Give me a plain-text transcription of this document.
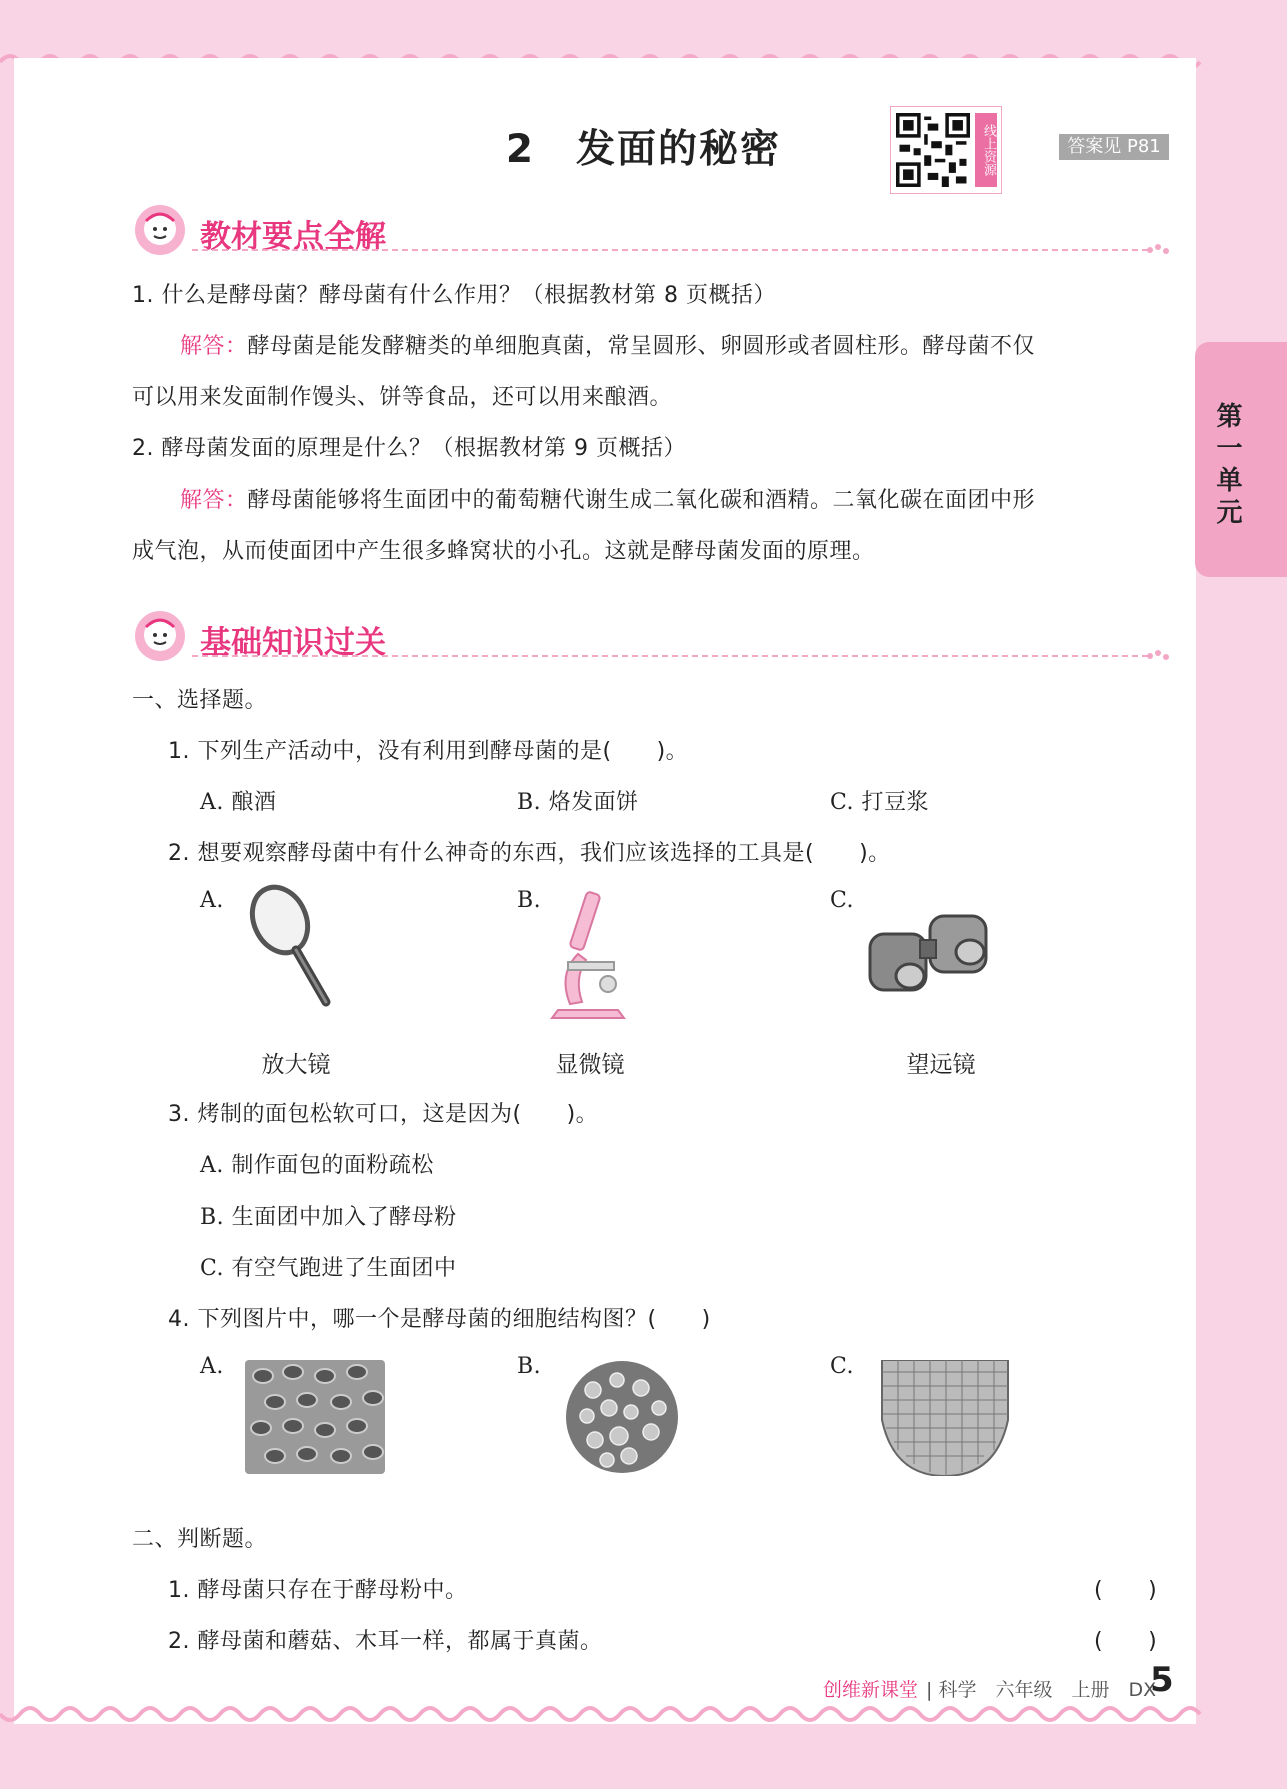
2　发面的秘密	线上资源	答案见 P81
第一单元
教材要点全解
1. 什么是酵母菌？酵母菌有什么作用？（根据教材第 8 页概括）
解答：酵母菌是能发酵糖类的单细胞真菌，常呈圆形、卵圆形或者圆柱形。酵母菌不仅
可以用来发面制作馒头、饼等食品，还可以用来酿酒。
2. 酵母菌发面的原理是什么？（根据教材第 9 页概括）
解答：酵母菌能够将生面团中的葡萄糖代谢生成二氧化碳和酒精。二氧化碳在面团中形
成气泡，从而使面团中产生很多蜂窝状的小孔。这就是酵母菌发面的原理。
基础知识过关
一、选择题。
1. 下列生产活动中，没有利用到酵母菌的是(　　)。
A. 酿酒	B. 烙发面饼	C. 打豆浆
2. 想要观察酵母菌中有什么神奇的东西，我们应该选择的工具是(　　)。
A.	B.	C.
放大镜	显微镜	望远镜
3. 烤制的面包松软可口，这是因为(　　)。
A. 制作面包的面粉疏松
B. 生面团中加入了酵母粉
C. 有空气跑进了生面团中
4. 下列图片中，哪一个是酵母菌的细胞结构图？(　　)
A.	B.	C.
二、判断题。
1. 酵母菌只存在于酵母粉中。	(　　)
2. 酵母菌和蘑菇、木耳一样，都属于真菌。	(　　)
创维新课堂 | 科学　六年级　上册　DX
5
